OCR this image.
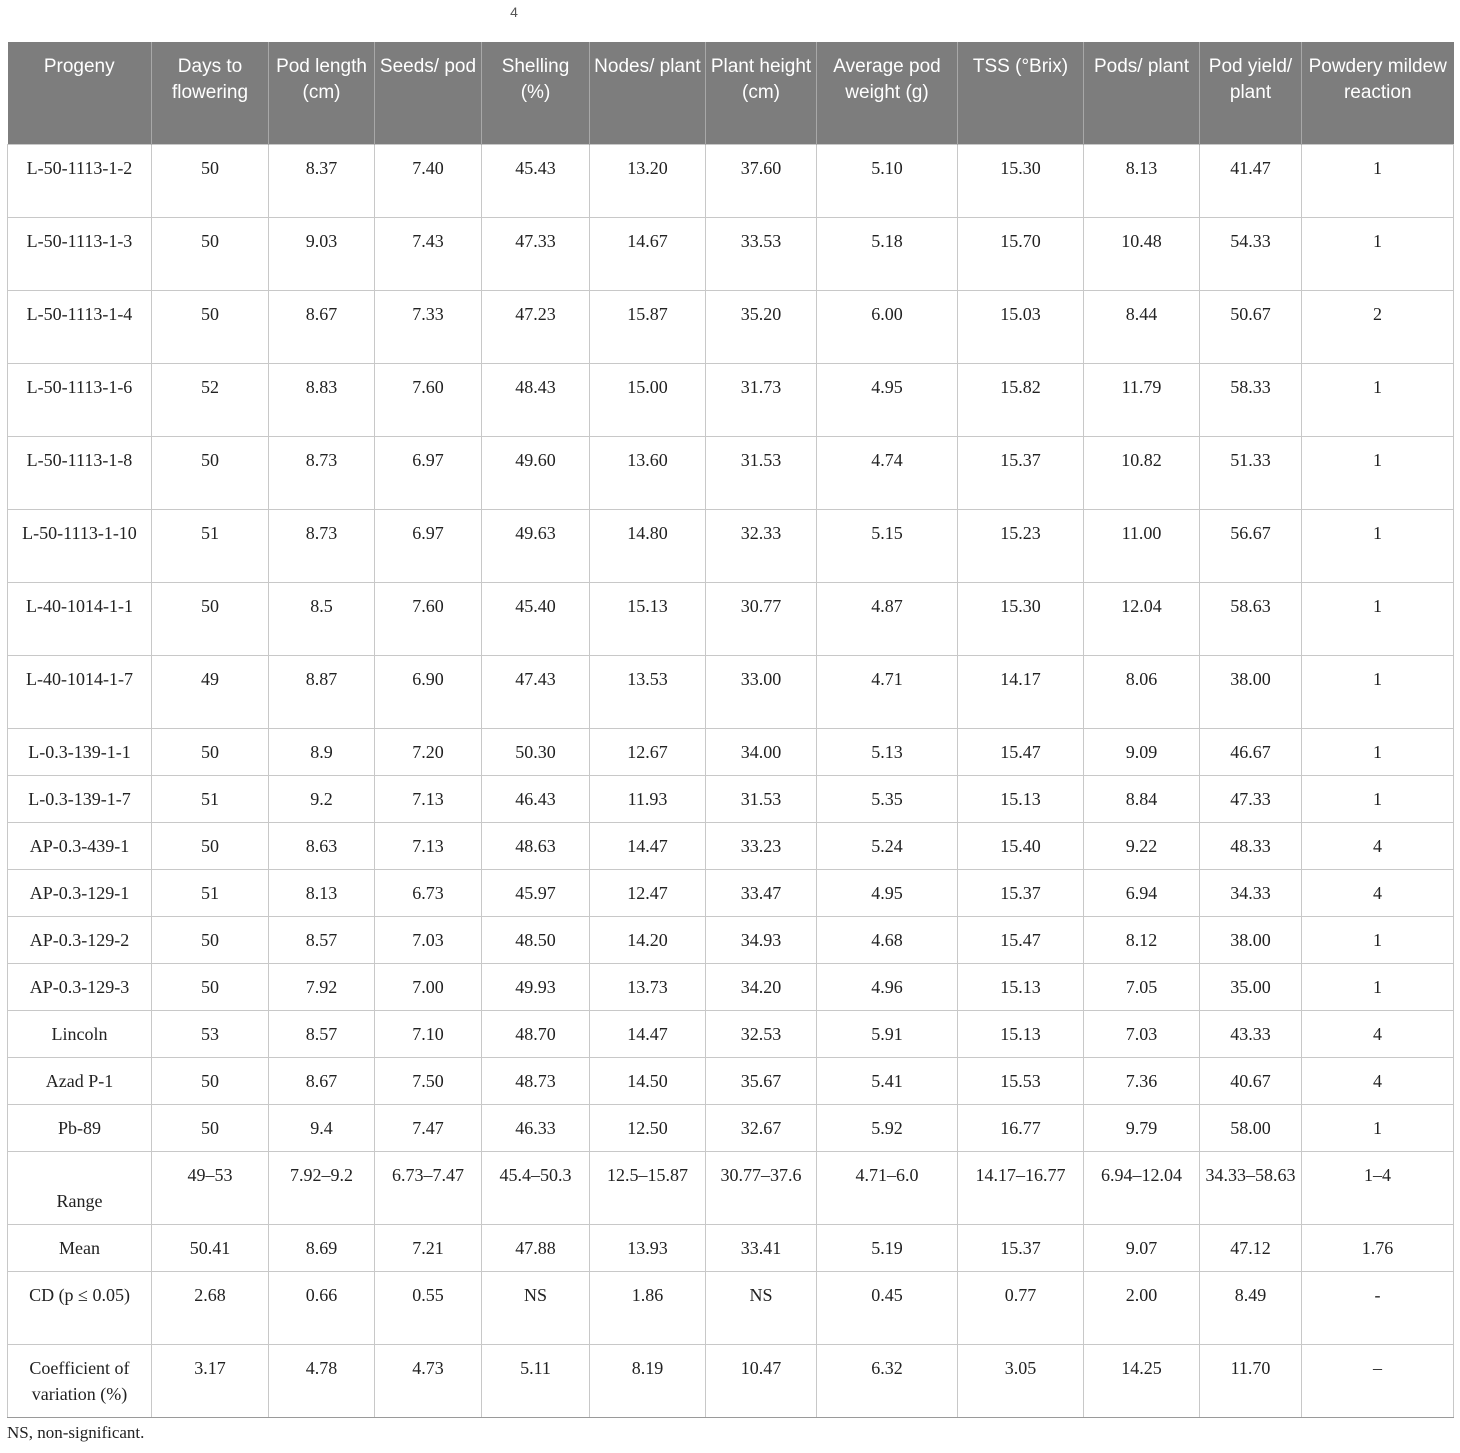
4
Progeny	Days to flowering	Pod length (cm)	Seeds/ pod	Shelling (%)	Nodes/ plant	Plant height (cm)	Average pod weight (g)	TSS (°Brix)	Pods/ plant	Pod yield/ plant	Powdery mildew reaction
L-50-1113-1-2	50	8.37	7.40	45.43	13.20	37.60	5.10	15.30	8.13	41.47	1
L-50-1113-1-3	50	9.03	7.43	47.33	14.67	33.53	5.18	15.70	10.48	54.33	1
L-50-1113-1-4	50	8.67	7.33	47.23	15.87	35.20	6.00	15.03	8.44	50.67	2
L-50-1113-1-6	52	8.83	7.60	48.43	15.00	31.73	4.95	15.82	11.79	58.33	1
L-50-1113-1-8	50	8.73	6.97	49.60	13.60	31.53	4.74	15.37	10.82	51.33	1
L-50-1113-1-10	51	8.73	6.97	49.63	14.80	32.33	5.15	15.23	11.00	56.67	1
L-40-1014-1-1	50	8.5	7.60	45.40	15.13	30.77	4.87	15.30	12.04	58.63	1
L-40-1014-1-7	49	8.87	6.90	47.43	13.53	33.00	4.71	14.17	8.06	38.00	1
L-0.3-139-1-1	50	8.9	7.20	50.30	12.67	34.00	5.13	15.47	9.09	46.67	1
L-0.3-139-1-7	51	9.2	7.13	46.43	11.93	31.53	5.35	15.13	8.84	47.33	1
AP-0.3-439-1	50	8.63	7.13	48.63	14.47	33.23	5.24	15.40	9.22	48.33	4
AP-0.3-129-1	51	8.13	6.73	45.97	12.47	33.47	4.95	15.37	6.94	34.33	4
AP-0.3-129-2	50	8.57	7.03	48.50	14.20	34.93	4.68	15.47	8.12	38.00	1
AP-0.3-129-3	50	7.92	7.00	49.93	13.73	34.20	4.96	15.13	7.05	35.00	1
Lincoln	53	8.57	7.10	48.70	14.47	32.53	5.91	15.13	7.03	43.33	4
Azad P-1	50	8.67	7.50	48.73	14.50	35.67	5.41	15.53	7.36	40.67	4
Pb-89	50	9.4	7.47	46.33	12.50	32.67	5.92	16.77	9.79	58.00	1
Range	49–53	7.92–9.2	6.73–7.47	45.4–50.3	12.5–15.87	30.77–37.6	4.71–6.0	14.17–16.77	6.94–12.04	34.33–58.63	1–4
Mean	50.41	8.69	7.21	47.88	13.93	33.41	5.19	15.37	9.07	47.12	1.76
CD (p ≤ 0.05)	2.68	0.66	0.55	NS	1.86	NS	0.45	0.77	2.00	8.49	-
Coefficient of variation (%)	3.17	4.78	4.73	5.11	8.19	10.47	6.32	3.05	14.25	11.70	–
NS, non-significant.
